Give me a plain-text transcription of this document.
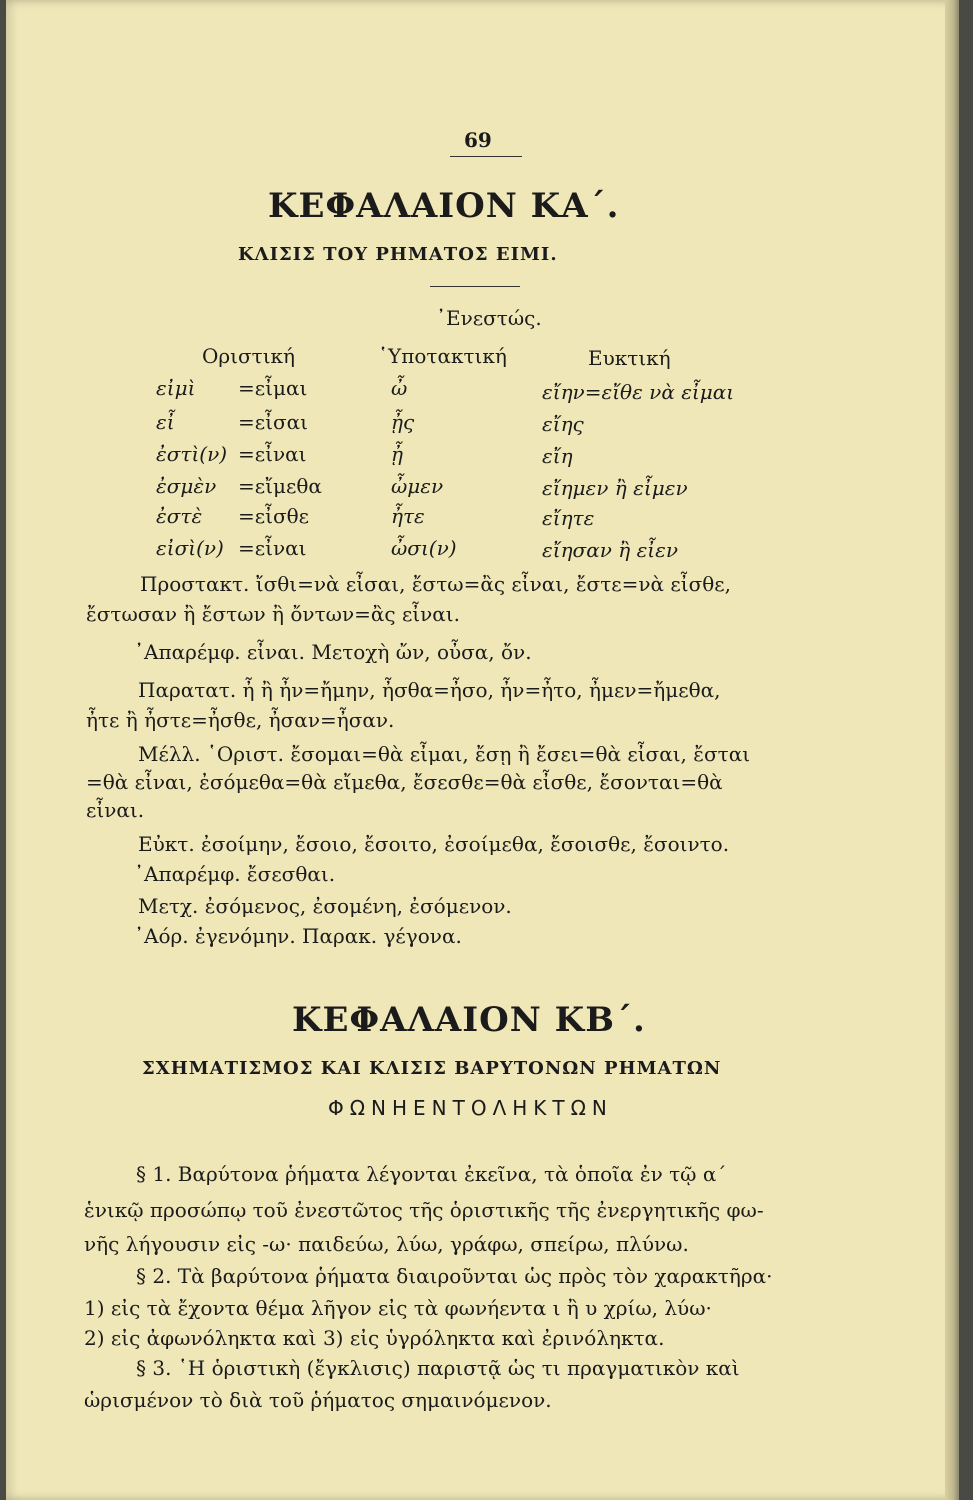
69
ΚΕΦΑΛΑΙΟΝ ΚΑ΄.
ΚΛΙΣΙΣ ΤΟΥ ΡΗΜΑΤΟΣ ΕΙΜΙ.
᾿Ενεστώς.
Οριστική	῾Υποτακτική	Ευκτική
εἰμὶ =εἶμαι	ὦ	εἴην=εἴθε νὰ εἶμαι
εἶ	=εἶσαι	ᾖς	εἴης
ἐστὶ(ν) =εἶναι	ᾖ	εἴη
ἐσμὲν =εἴμεθα	ὦμεν	εἴημεν ἢ εἶμεν
ἐστὲ =εἶσθε	ἦτε	εἴητε
εἰσὶ(ν) =εἶναι	ὦσι(ν)	εἴησαν ἢ εἶεν
Προστακτ. ἴσθι=νὰ εἶσαι, ἔστω=ἂς εἶναι, ἔστε=νὰ εἶσθε,
ἔστωσαν ἢ ἔστων ἢ ὄντων=ἂς εἶναι.
᾿Απαρέμφ. εἶναι. Μετοχὴ ὤν, οὖσα, ὄν.
Παρατατ. ἦ ἢ ἦν=ἤμην, ἦσθα=ἦσο, ἦν=ἦτο, ἦμεν=ἤμεθα,
ἦτε ἢ ἦστε=ἦσθε, ἦσαν=ἦσαν.
Μέλλ. ῾Οριστ. ἔσομαι=θὰ εἶμαι, ἔσῃ ἢ ἔσει=θὰ εἶσαι, ἔσται
=θὰ εἶναι, ἐσόμεθα=θὰ εἴμεθα, ἔσεσθε=θὰ εἶσθε, ἔσονται=θὰ
εἶναι.
Εὐκτ. ἐσοίμην, ἔσοιο, ἔσοιτο, ἐσοίμεθα, ἔσοισθε, ἔσοιντο.
᾿Απαρέμφ. ἔσεσθαι.
Μετχ. ἐσόμενος, ἐσομένη, ἐσόμενον.
᾿Αόρ. ἐγενόμην. Παρακ. γέγονα.
ΚΕΦΑΛΑΙΟΝ ΚΒ΄.
ΣΧΗΜΑΤΙΣΜΟΣ ΚΑΙ ΚΛΙΣΙΣ ΒΑΡΥΤΟΝΩΝ ΡΗΜΑΤΩΝ
ΦΩΝΗΕΝΤΟΛΗΚΤΩΝ
§ 1. Βαρύτονα ῥήματα λέγονται ἐκεῖνα, τὰ ὁποῖα ἐν τῷ α΄
ἑνικῷ προσώπῳ τοῦ ἐνεστῶτος τῆς ὁριστικῆς τῆς ἐνεργητικῆς φω-
νῆς λήγουσιν εἰς -ω· παιδεύω, λύω, γράφω, σπείρω, πλύνω.
§ 2. Τὰ βαρύτονα ῥήματα διαιροῦνται ὡς πρὸς τὸν χαρακτῆρα·
1) εἰς τὰ ἔχοντα θέμα λῆγον εἰς τὰ φωνήεντα ι ἢ υ χρίω, λύω·
2) εἰς ἀφωνόληκτα καὶ 3) εἰς ὑγρόληκτα καὶ ἐρινόληκτα.
§ 3. ῾Η ὁριστικὴ (ἔγκλισις) παριστᾷ ὡς τι πραγματικὸν καὶ
ὡρισμένον τὸ διὰ τοῦ ῥήματος σημαινόμενον.
